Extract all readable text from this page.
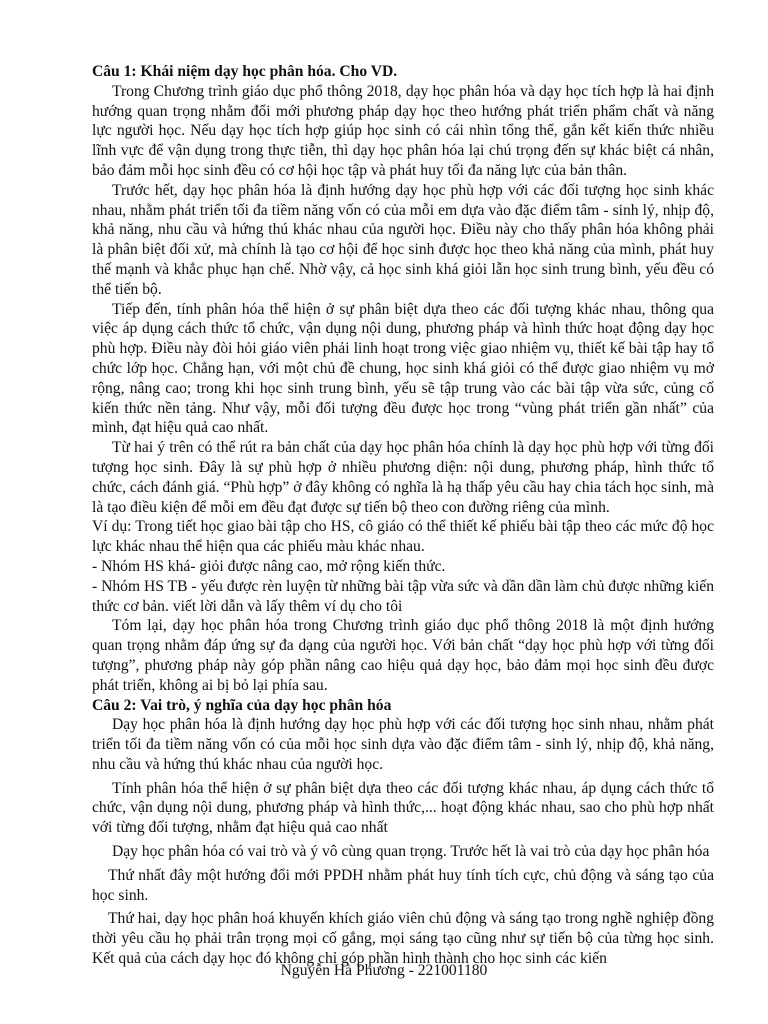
Câu 1: Khái niệm dạy học phân hóa. Cho VD.

Trong Chương trình giáo dục phổ thông 2018, dạy học phân hóa và dạy học tích hợp là hai định hướng quan trọng nhằm đổi mới phương pháp dạy học theo hướng phát triển phẩm chất và năng lực người học. Nếu dạy học tích hợp giúp học sinh có cái nhìn tổng thể, gắn kết kiến thức nhiều lĩnh vực để vận dụng trong thực tiễn, thì dạy học phân hóa lại chú trọng đến sự khác biệt cá nhân, bảo đảm mỗi học sinh đều có cơ hội học tập và phát huy tối đa năng lực của bản thân.

Trước hết, dạy học phân hóa là định hướng dạy học phù hợp với các đối tượng học sinh khác nhau, nhằm phát triển tối đa tiềm năng vốn có của mỗi em dựa vào đặc điểm tâm - sinh lý, nhịp độ, khả năng, nhu cầu và hứng thú khác nhau của người học. Điều này cho thấy phân hóa không phải là phân biệt đối xử, mà chính là tạo cơ hội để học sinh được học theo khả năng của mình, phát huy thế mạnh và khắc phục hạn chế. Nhờ vậy, cả học sinh khá giỏi lẫn học sinh trung bình, yếu đều có thể tiến bộ.

Tiếp đến, tính phân hóa thể hiện ở sự phân biệt dựa theo các đối tượng khác nhau, thông qua việc áp dụng cách thức tổ chức, vận dụng nội dung, phương pháp và hình thức hoạt động dạy học phù hợp. Điều này đòi hỏi giáo viên phải linh hoạt trong việc giao nhiệm vụ, thiết kế bài tập hay tổ chức lớp học. Chẳng hạn, với một chủ đề chung, học sinh khá giỏi có thể được giao nhiệm vụ mở rộng, nâng cao; trong khi học sinh trung bình, yếu sẽ tập trung vào các bài tập vừa sức, củng cố kiến thức nền tảng. Như vậy, mỗi đối tượng đều được học trong “vùng phát triển gần nhất” của mình, đạt hiệu quả cao nhất.

Từ hai ý trên có thể rút ra bản chất của dạy học phân hóa chính là dạy học phù hợp với từng đối tượng học sinh. Đây là sự phù hợp ở nhiều phương diện: nội dung, phương pháp, hình thức tổ chức, cách đánh giá. “Phù hợp” ở đây không có nghĩa là hạ thấp yêu cầu hay chia tách học sinh, mà là tạo điều kiện để mỗi em đều đạt được sự tiến bộ theo con đường riêng của mình.

Ví dụ: Trong tiết học giao bài tập cho HS, cô giáo có thể thiết kế phiếu bài tập theo các mức độ học lực khác nhau thể hiện qua các phiếu màu khác nhau.

- Nhóm HS khá- giỏi được nâng cao, mở rộng kiến thức.

- Nhóm HS TB - yếu được rèn luyện từ những bài tập vừa sức và dần dần làm chủ được những kiến thức cơ bản. viết lời dẫn và lấy thêm ví dụ cho tôi

Tóm lại, dạy học phân hóa trong Chương trình giáo dục phổ thông 2018 là một định hướng quan trọng nhằm đáp ứng sự đa dạng của người học. Với bản chất “dạy học phù hợp với từng đối tượng”, phương pháp này góp phần nâng cao hiệu quả dạy học, bảo đảm mọi học sinh đều được phát triển, không ai bị bỏ lại phía sau.

Câu 2: Vai trò, ý nghĩa của dạy học phân hóa

Dạy học phân hóa là định hướng dạy học phù hợp với các đối tượng học sinh nhau, nhằm phát triển tối đa tiềm năng vốn có của mỗi học sinh dựa vào đặc điểm tâm - sinh lý, nhịp độ, khả năng, nhu cầu và hứng thú khác nhau của người học.

Tính phân hóa thể hiện ở sự phân biệt dựa theo các đối tượng khác nhau, áp dụng cách thức tổ chức, vận dụng nội dung, phương pháp và hình thức,... hoạt động khác nhau, sao cho phù hợp nhất với từng đối tượng, nhằm đạt hiệu quả cao nhất

Dạy học phân hóa có vai trò và ý vô cùng quan trọng. Trước hết là vai trò của dạy học phân hóa

Thứ nhất đây một hướng đổi mới PPDH nhằm phát huy tính tích cực, chủ động và sáng tạo của học sinh.

Thứ hai, dạy học phân hoá khuyến khích giáo viên chủ động và sáng tạo trong nghề nghiệp đồng thời yêu cầu họ phải trân trọng mọi cố gắng, mọi sáng tạo cũng như sự tiến bộ của từng học sinh. Kết quả của cách dạy học đó không chỉ góp phần hình thành cho học sinh các kiến

Nguyễn Hà Phương - 221001180
